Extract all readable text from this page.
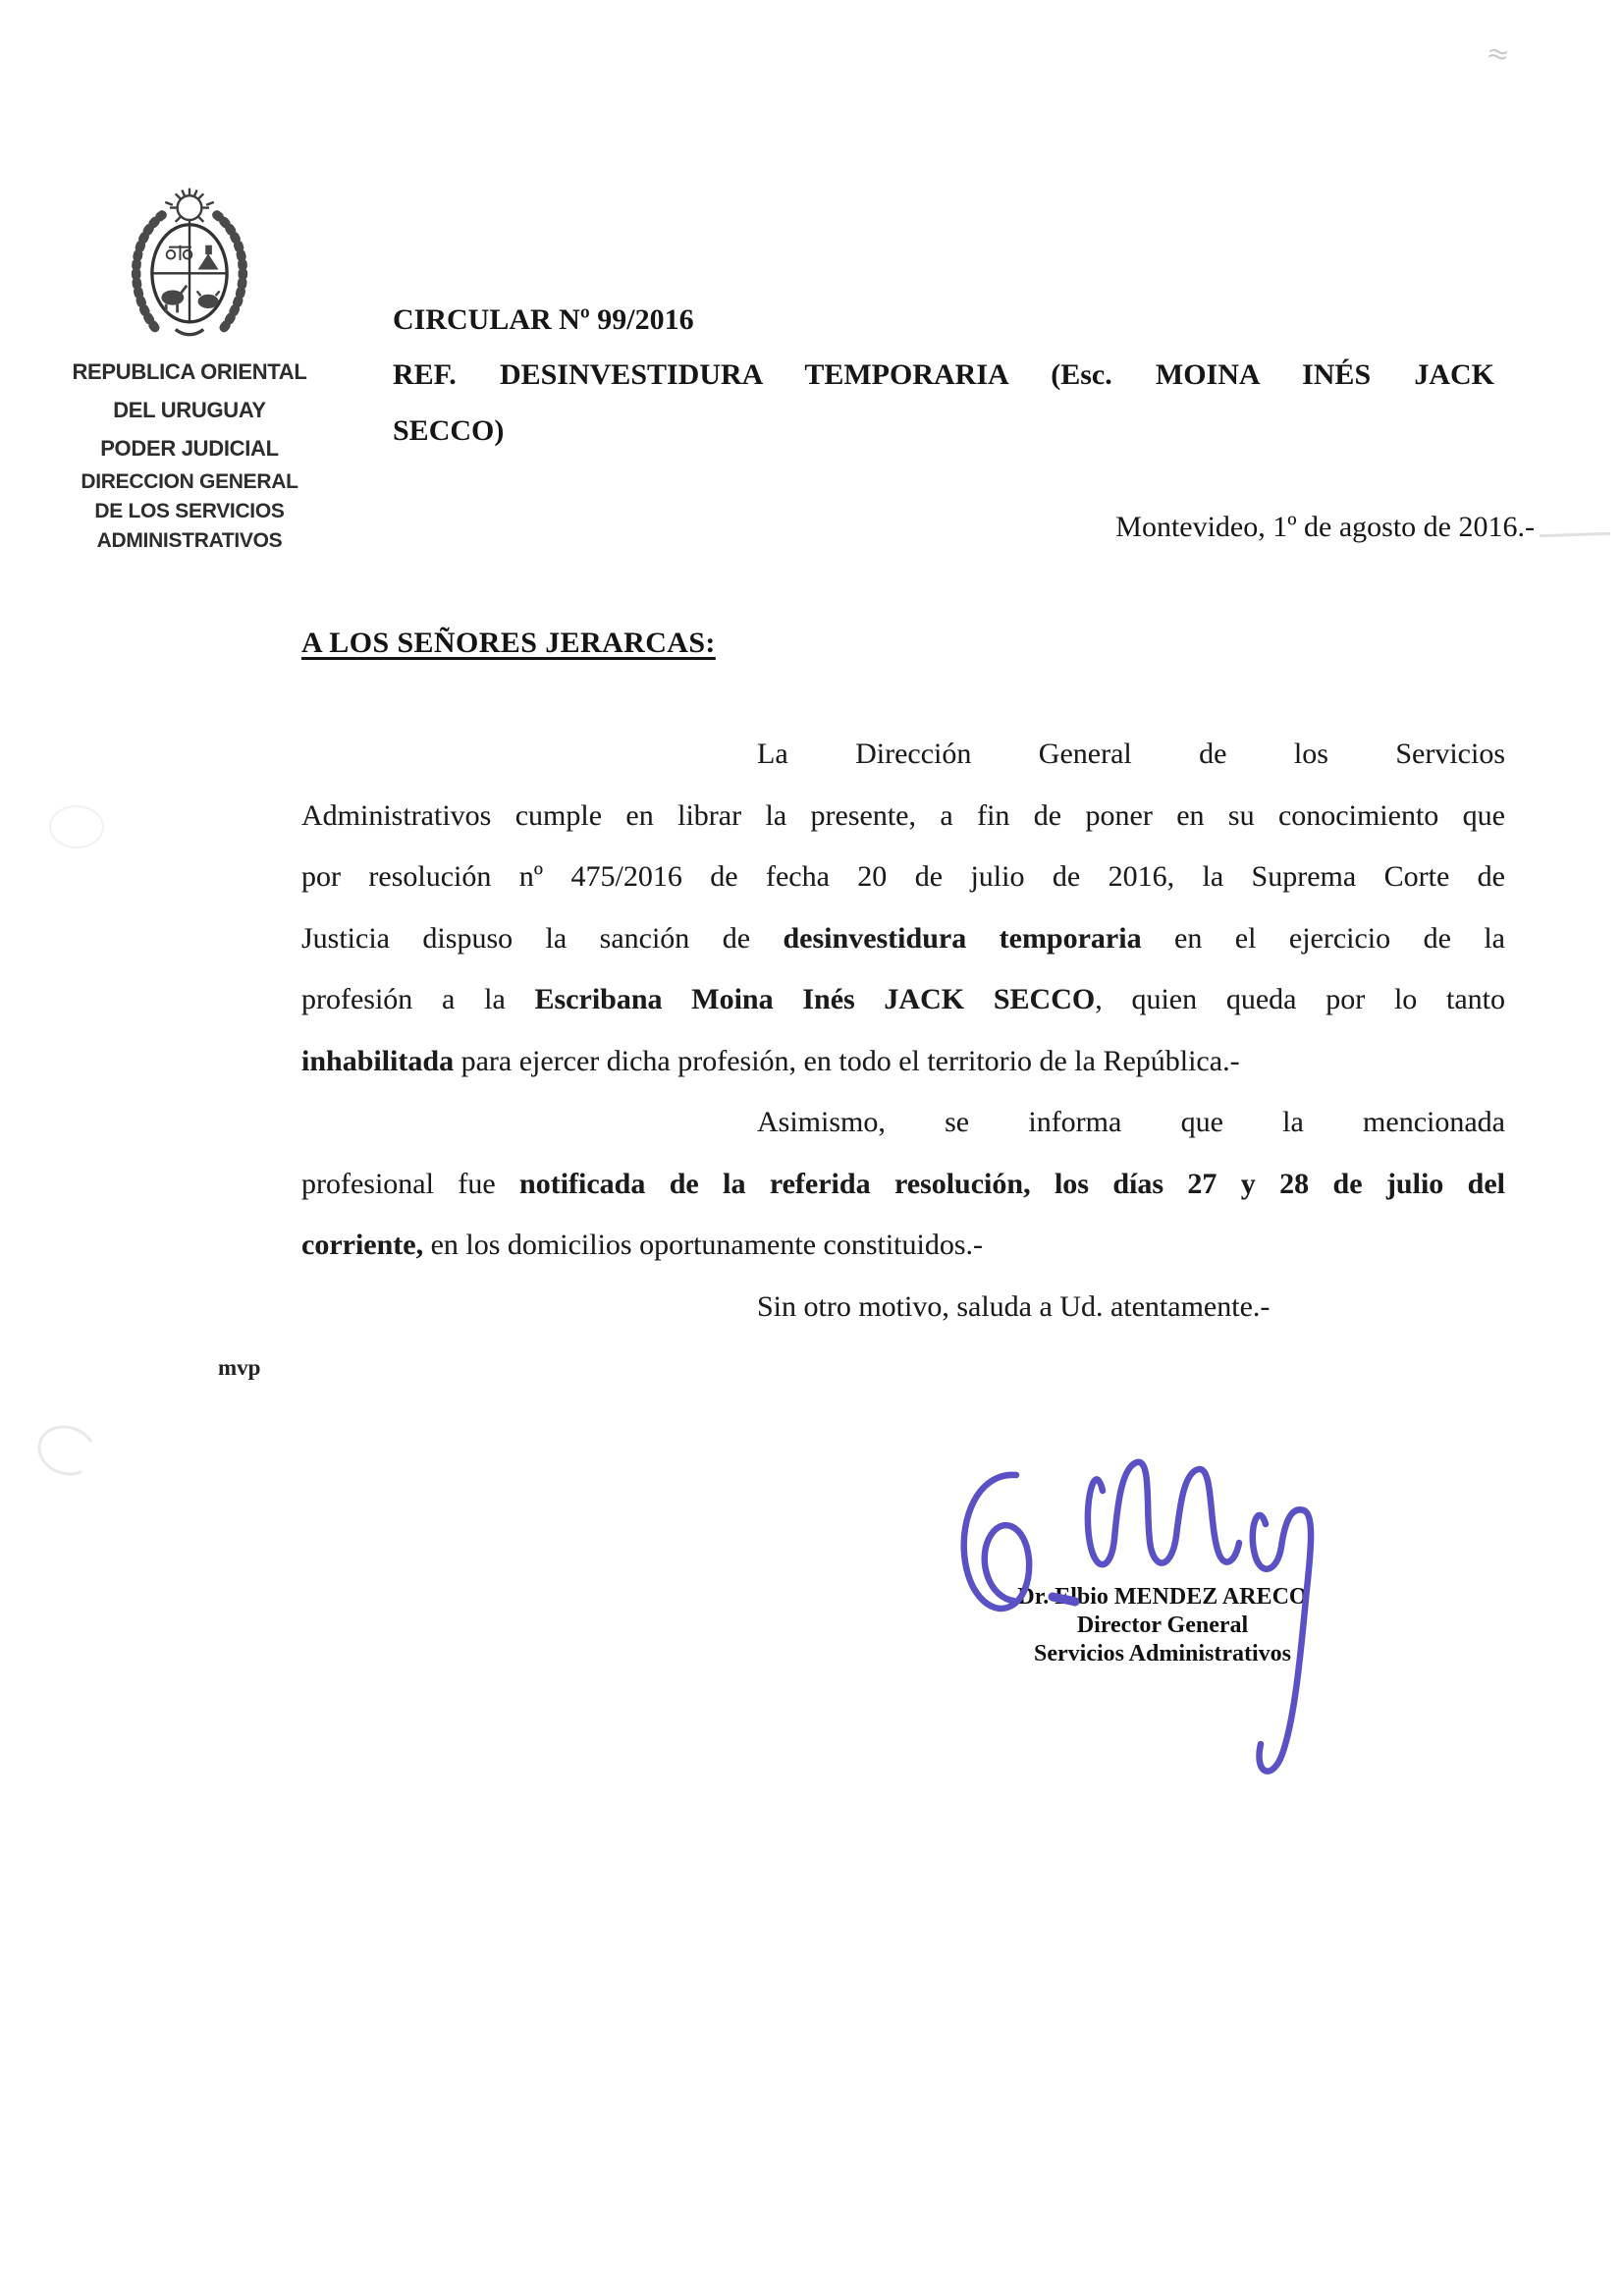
≈
REPUBLICA ORIENTAL
DEL URUGUAY
PODER JUDICIAL
DIRECCION GENERAL
DE LOS SERVICIOS
ADMINISTRATIVOS
CIRCULAR Nº 99/2016
REF. DESINVESTIDURA TEMPORARIA (Esc. MOINA INÉS JACK
SECCO)
Montevideo, 1º de agosto de 2016.-
A LOS SEÑORES JERARCAS:
La Dirección General de los Servicios
Administrativos cumple en librar la presente, a fin de poner en su conocimiento que
por resolución nº 475/2016 de fecha 20 de julio de 2016, la Suprema Corte de
Justicia dispuso la sanción de desinvestidura temporaria en el ejercicio de la
profesión a la Escribana Moina Inés JACK SECCO, quien queda por lo tanto
inhabilitada para ejercer dicha profesión, en todo el territorio de la República.-
Asimismo, se informa que la mencionada
profesional fue notificada de la referida resolución, los días 27 y 28 de julio del
corriente, en los domicilios oportunamente constituidos.-
Sin otro motivo, saluda a Ud. atentamente.-
mvp
Dr. Elbio MENDEZ ARECO
Director General
Servicios Administrativos
